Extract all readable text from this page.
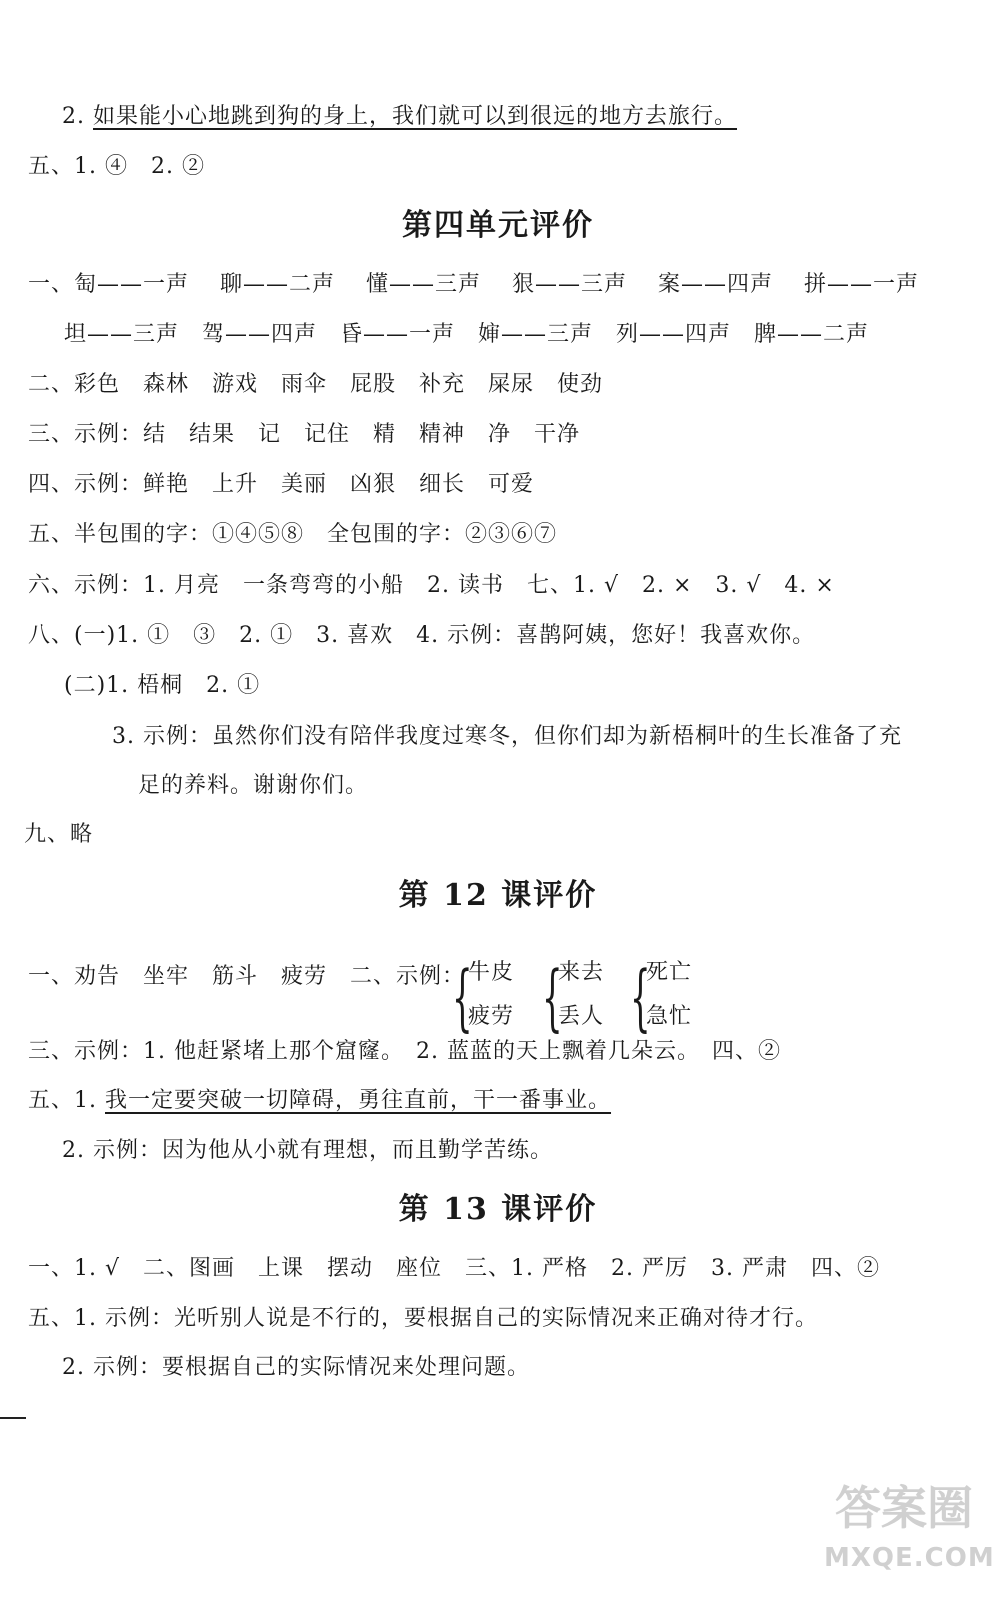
2. 如果能小心地跳到狗的身上，我们就可以到很远的地方去旅行。
五、1. ④　2. ②
第四单元评价
一、匋——一声　 聊——二声　 懂——三声　 狠——三声　 案——四声　 拼——一声
坦——三声　驾——四声　昏——一声　婶——三声　列——四声　脾——二声
二、彩色　森林　游戏　雨伞　屁股　补充　屎尿　使劲
三、示例：结　结果　记　记住　精　精神　净　干净
四、示例：鲜艳　上升　美丽　凶狠　细长　可爱
五、半包围的字：①④⑤⑧　全包围的字：②③⑥⑦
六、示例：1. 月亮　一条弯弯的小船　2. 读书　七、1. √　2. ×　3. √　4. ×
八、(一)1. ①　③　2. ①　3. 喜欢　4. 示例：喜鹊阿姨，您好！我喜欢你。
(二)1. 梧桐　2. ①
3. 示例：虽然你们没有陪伴我度过寒冬，但你们却为新梧桐叶的生长准备了充
足的养料。谢谢你们。
九、略
第 12 课评价
一、劝告　坐牢　筋斗　疲劳　二、示例：
{
牛皮
疲劳 {
来去
丢人 {
死亡
急忙
三、示例：1. 他赶紧堵上那个窟窿。　2. 蓝蓝的天上飘着几朵云。　四、②
五、1. 我一定要突破一切障碍，勇往直前，干一番事业。
2. 示例：因为他从小就有理想，而且勤学苦练。
第 13 课评价
一、1. √　二、图画　上课　摆动　座位　三、1. 严格　2. 严厉　3. 严肃　四、②
五、1. 示例：光听别人说是不行的，要根据自己的实际情况来正确对待才行。
2. 示例：要根据自己的实际情况来处理问题。
答案圈
MXQE.COM
